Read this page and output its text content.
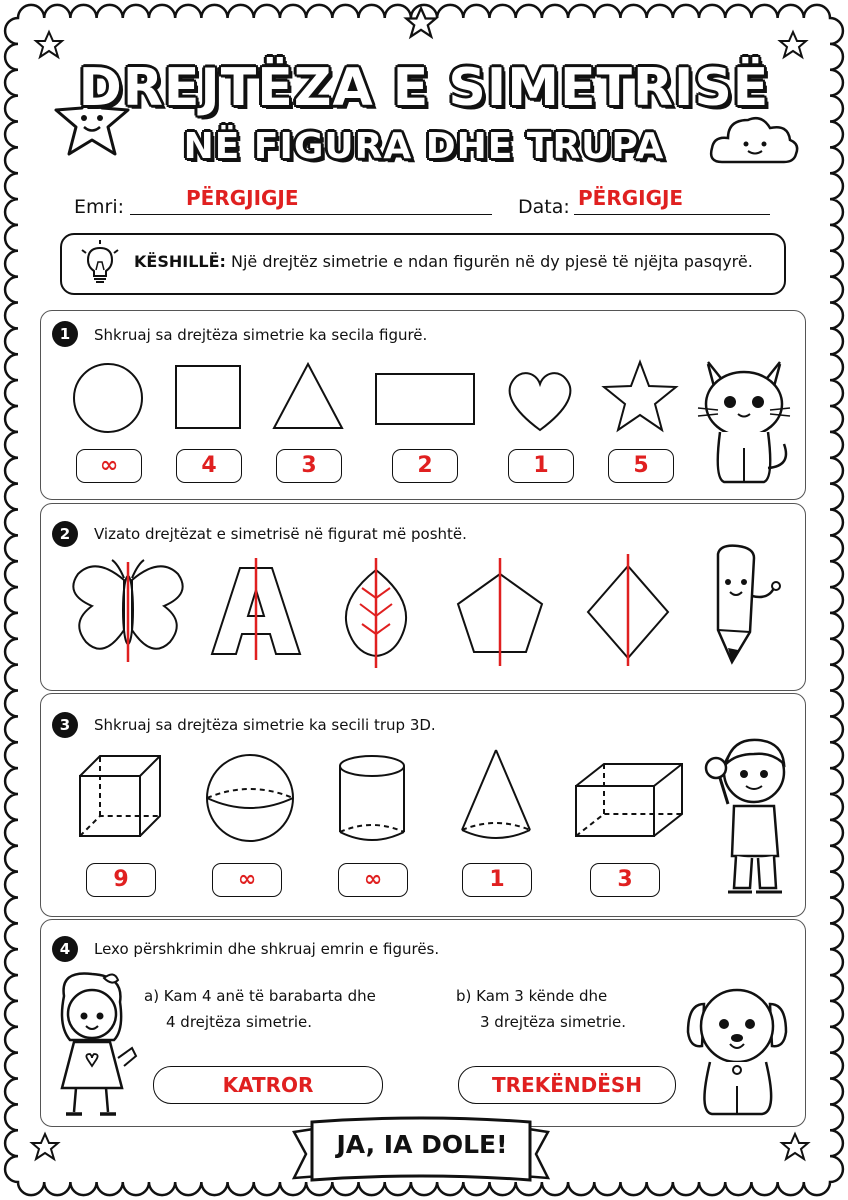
DREJTËZA E SIMETRISË
NË FIGURA DHE TRUPA
Emri:	PËRGJIGJE	Data: PËRGIGJE
KËSHILLË: Një drejtëz simetrie e ndan figurën në dy pjesë të njëjta pasqyrë.
1	Shkruaj sa drejtëza simetrie ka secila figurë.
∞	4	3	2	1	5
2	Vizato drejtëzat e simetrisë në figurat më poshtë.
3	Shkruaj sa drejtëza simetrie ka secili trup 3D.
9	∞	∞	1	3
4	Lexo përshkrimin dhe shkruaj emrin e figurës.
a) Kam 4 anë të barabarta dhe
4 drejtëza simetrie.
b) Kam 3 kënde dhe
3 drejtëza simetrie.
KATROR	TREKËNDËSH
JA, IA DOLE!
